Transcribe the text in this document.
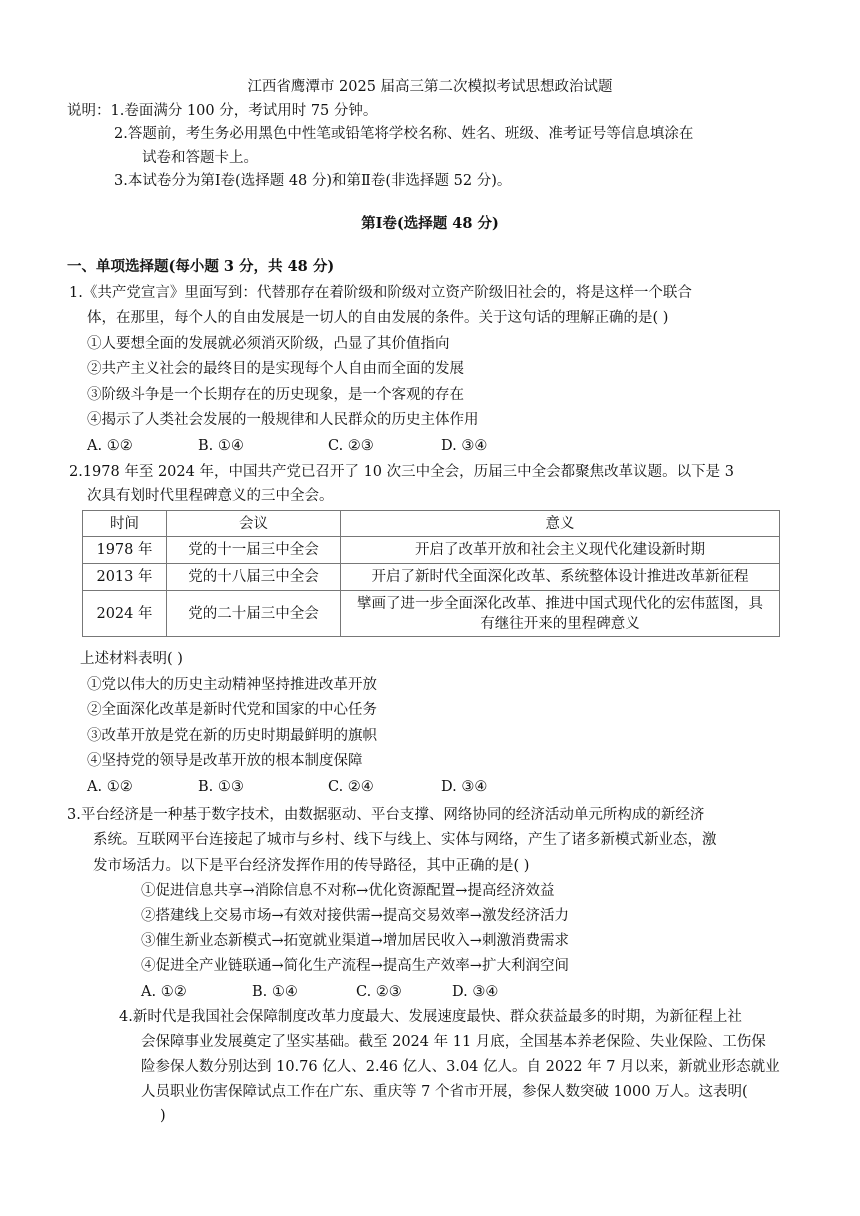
江西省鹰潭市 2025 届高三第二次模拟考试思想政治试题
说明：1.卷面满分 100 分，考试用时 75 分钟。
2.答题前，考生务必用黑色中性笔或铅笔将学校名称、姓名、班级、准考证号等信息填涂在
试卷和答题卡上。
3.本试卷分为第Ⅰ卷(选择题 48 分)和第Ⅱ卷(非选择题 52 分)。
第Ⅰ卷(选择题 48 分)
一、单项选择题(每小题 3 分，共 48 分)
1.《共产党宣言》里面写到：代替那存在着阶级和阶级对立资产阶级旧社会的，将是这样一个联合
体，在那里，每个人的自由发展是一切人的自由发展的条件。关于这句话的理解正确的是( )
①人要想全面的发展就必须消灭阶级，凸显了其价值指向
②共产主义社会的最终目的是实现每个人自由而全面的发展
③阶级斗争是一个长期存在的历史现象，是一个客观的存在
④揭示了人类社会发展的一般规律和人民群众的历史主体作用
A. ①②	B. ①④	C. ②③	D. ③④
2.1978 年至 2024 年，中国共产党已召开了 10 次三中全会，历届三中全会都聚焦改革议题。以下是 3
次具有划时代里程碑意义的三中全会。
时间	会议	意义
1978 年	党的十一届三中全会	开启了改革开放和社会主义现代化建设新时期
2013 年	党的十八届三中全会	开启了新时代全面深化改革、系统整体设计推进改革新征程
2024 年	党的二十届三中全会	擘画了进一步全面深化改革、推进中国式现代化的宏伟蓝图，具
有继往开来的里程碑意义
上述材料表明( )
①党以伟大的历史主动精神坚持推进改革开放
②全面深化改革是新时代党和国家的中心任务
③改革开放是党在新的历史时期最鲜明的旗帜
④坚持党的领导是改革开放的根本制度保障
A. ①②	B. ①③	C. ②④	D. ③④
3.平台经济是一种基于数字技术，由数据驱动、平台支撑、网络协同的经济活动单元所构成的新经济
系统。互联网平台连接起了城市与乡村、线下与线上、实体与网络，产生了诸多新模式新业态，激
发市场活力。以下是平台经济发挥作用的传导路径，其中正确的是( )
①促进信息共享→消除信息不对称→优化资源配置→提高经济效益
②搭建线上交易市场→有效对接供需→提高交易效率→激发经济活力
③催生新业态新模式→拓宽就业渠道→增加居民收入→刺激消费需求
④促进全产业链联通→简化生产流程→提高生产效率→扩大利润空间
A. ①②	B. ①④	C. ②③	D. ③④
4.新时代是我国社会保障制度改革力度最大、发展速度最快、群众获益最多的时期，为新征程上社
会保障事业发展奠定了坚实基础。截至 2024 年 11 月底，全国基本养老保险、失业保险、工伤保
险参保人数分别达到 10.76 亿人、2.46 亿人、3.04 亿人。自 2022 年 7 月以来，新就业形态就业
人员职业伤害保障试点工作在广东、重庆等 7 个省市开展，参保人数突破 1000 万人。这表明(
)
